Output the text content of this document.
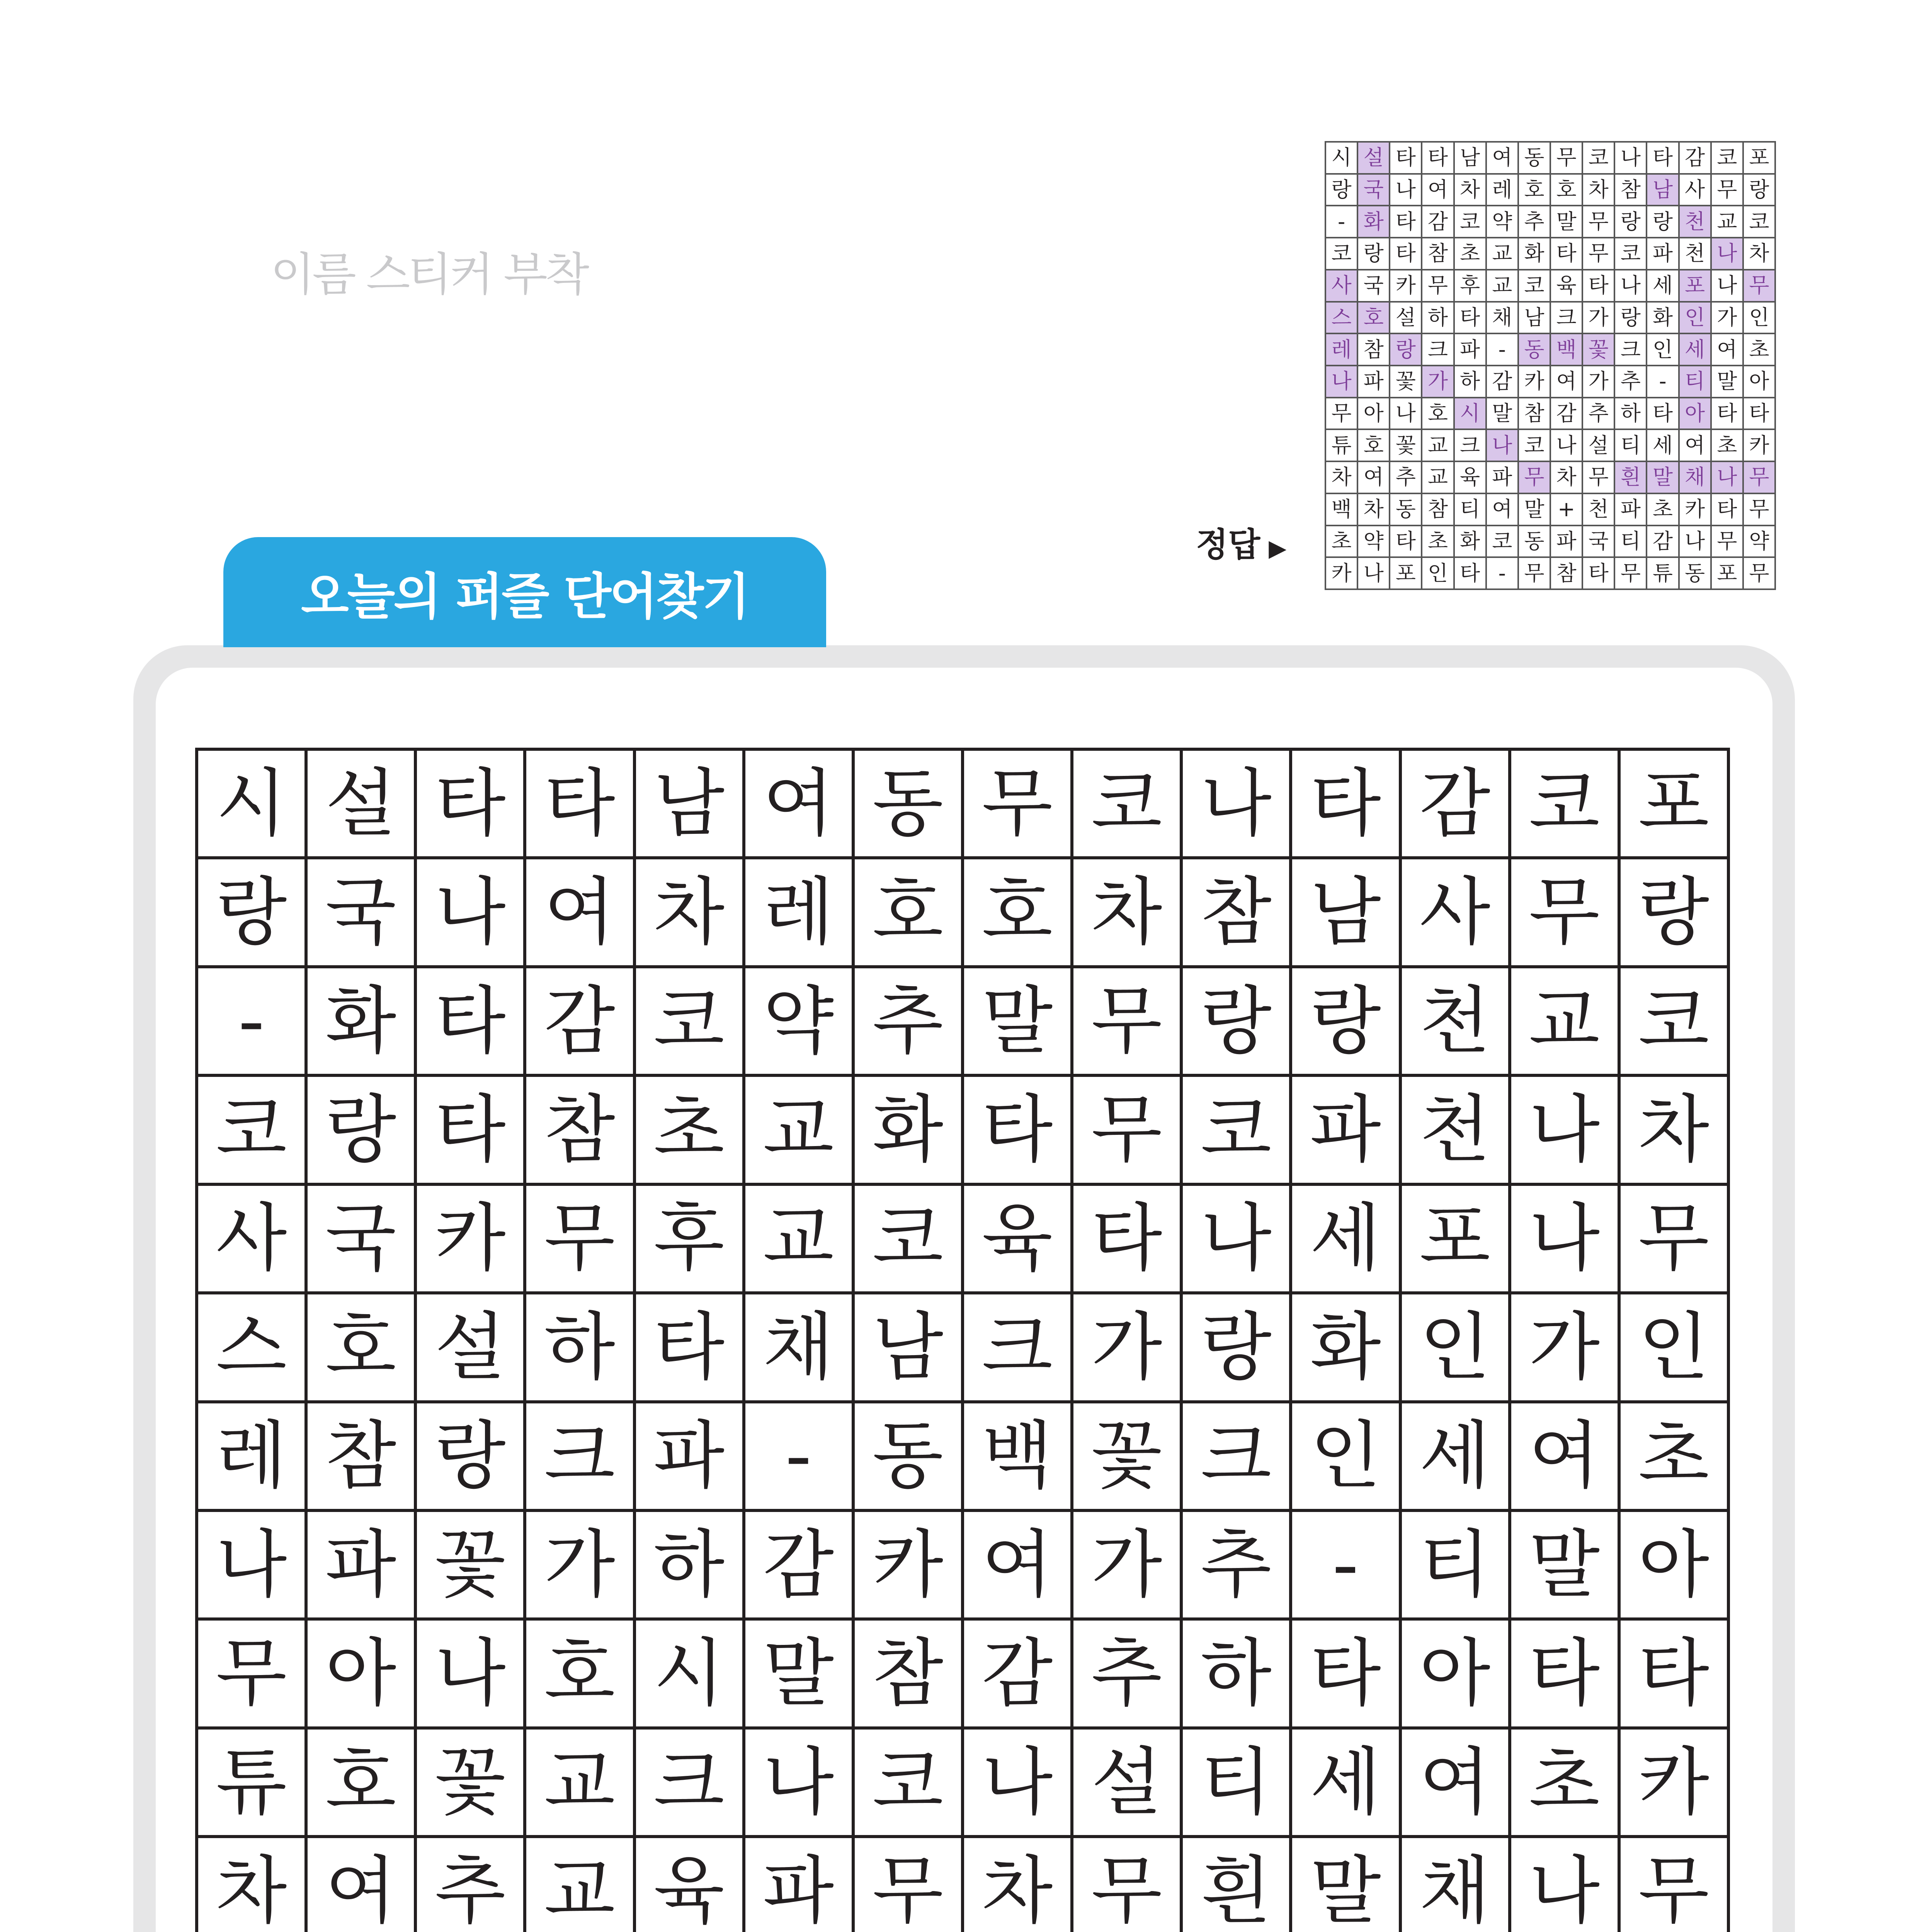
이름 스티커 부착
정답 ▶
시 설 타 타 남 여 동 무 코 나 타 감 코 포
랑 국 나 여 차 레 호 호 차 참 남 사 무 랑
- 화 타 감 코 약 추 말 무 랑 랑 천 교 코
코 랑 타 참 초 교 화 타 무 코 파 천 나 차
사 국 카 무 후 교 코 육 타 나 세 포 나 무
스 호 설 하 타 채 남 크 가 랑 화 인 가 인
레 참 랑 크 파 - 동 백 꽃 크 인 세 여 초
나 파 꽃 가 하 감 카 여 가 추 - 티 말 아
무 아 나 호 시 말 참 감 추 하 타 아 타 타
튜 호 꽃 교 크 나 코 나 설 티 세 여 초 카
차 여 추 교 육 파 무 차 무 흰 말 채 나 무
백 차 동 참 티 여 말 + 천 파 초 카 타 무
초 약 타 초 화 코 동 파 국 티 감 나 무 약
카 나 포 인 타 - 무 참 타 무 튜 동 포 무
오늘의 퍼즐 단어찾기
시 설 타 타 남 여 동 무 코 나 타 감 코 포
랑 국 나 여 차 레 호 호 차 참 남 사 무 랑
- 화 타 감 코 약 추 말 무 랑 랑 천 교 코
코 랑 타 참 초 교 화 타 무 코 파 천 나 차
사 국 카 무 후 교 코 육 타 나 세 포 나 무
스 호 설 하 타 채 남 크 가 랑 화 인 가 인
레 참 랑 크 파 - 동 백 꽃 크 인 세 여 초
나 파 꽃 가 하 감 카 여 가 추 - 티 말 아
무 아 나 호 시 말 참 감 추 하 타 아 타 타
튜 호 꽃 교 크 나 코 나 설 티 세 여 초 카
차 여 추 교 육 파 무 차 무 흰 말 채 나 무
